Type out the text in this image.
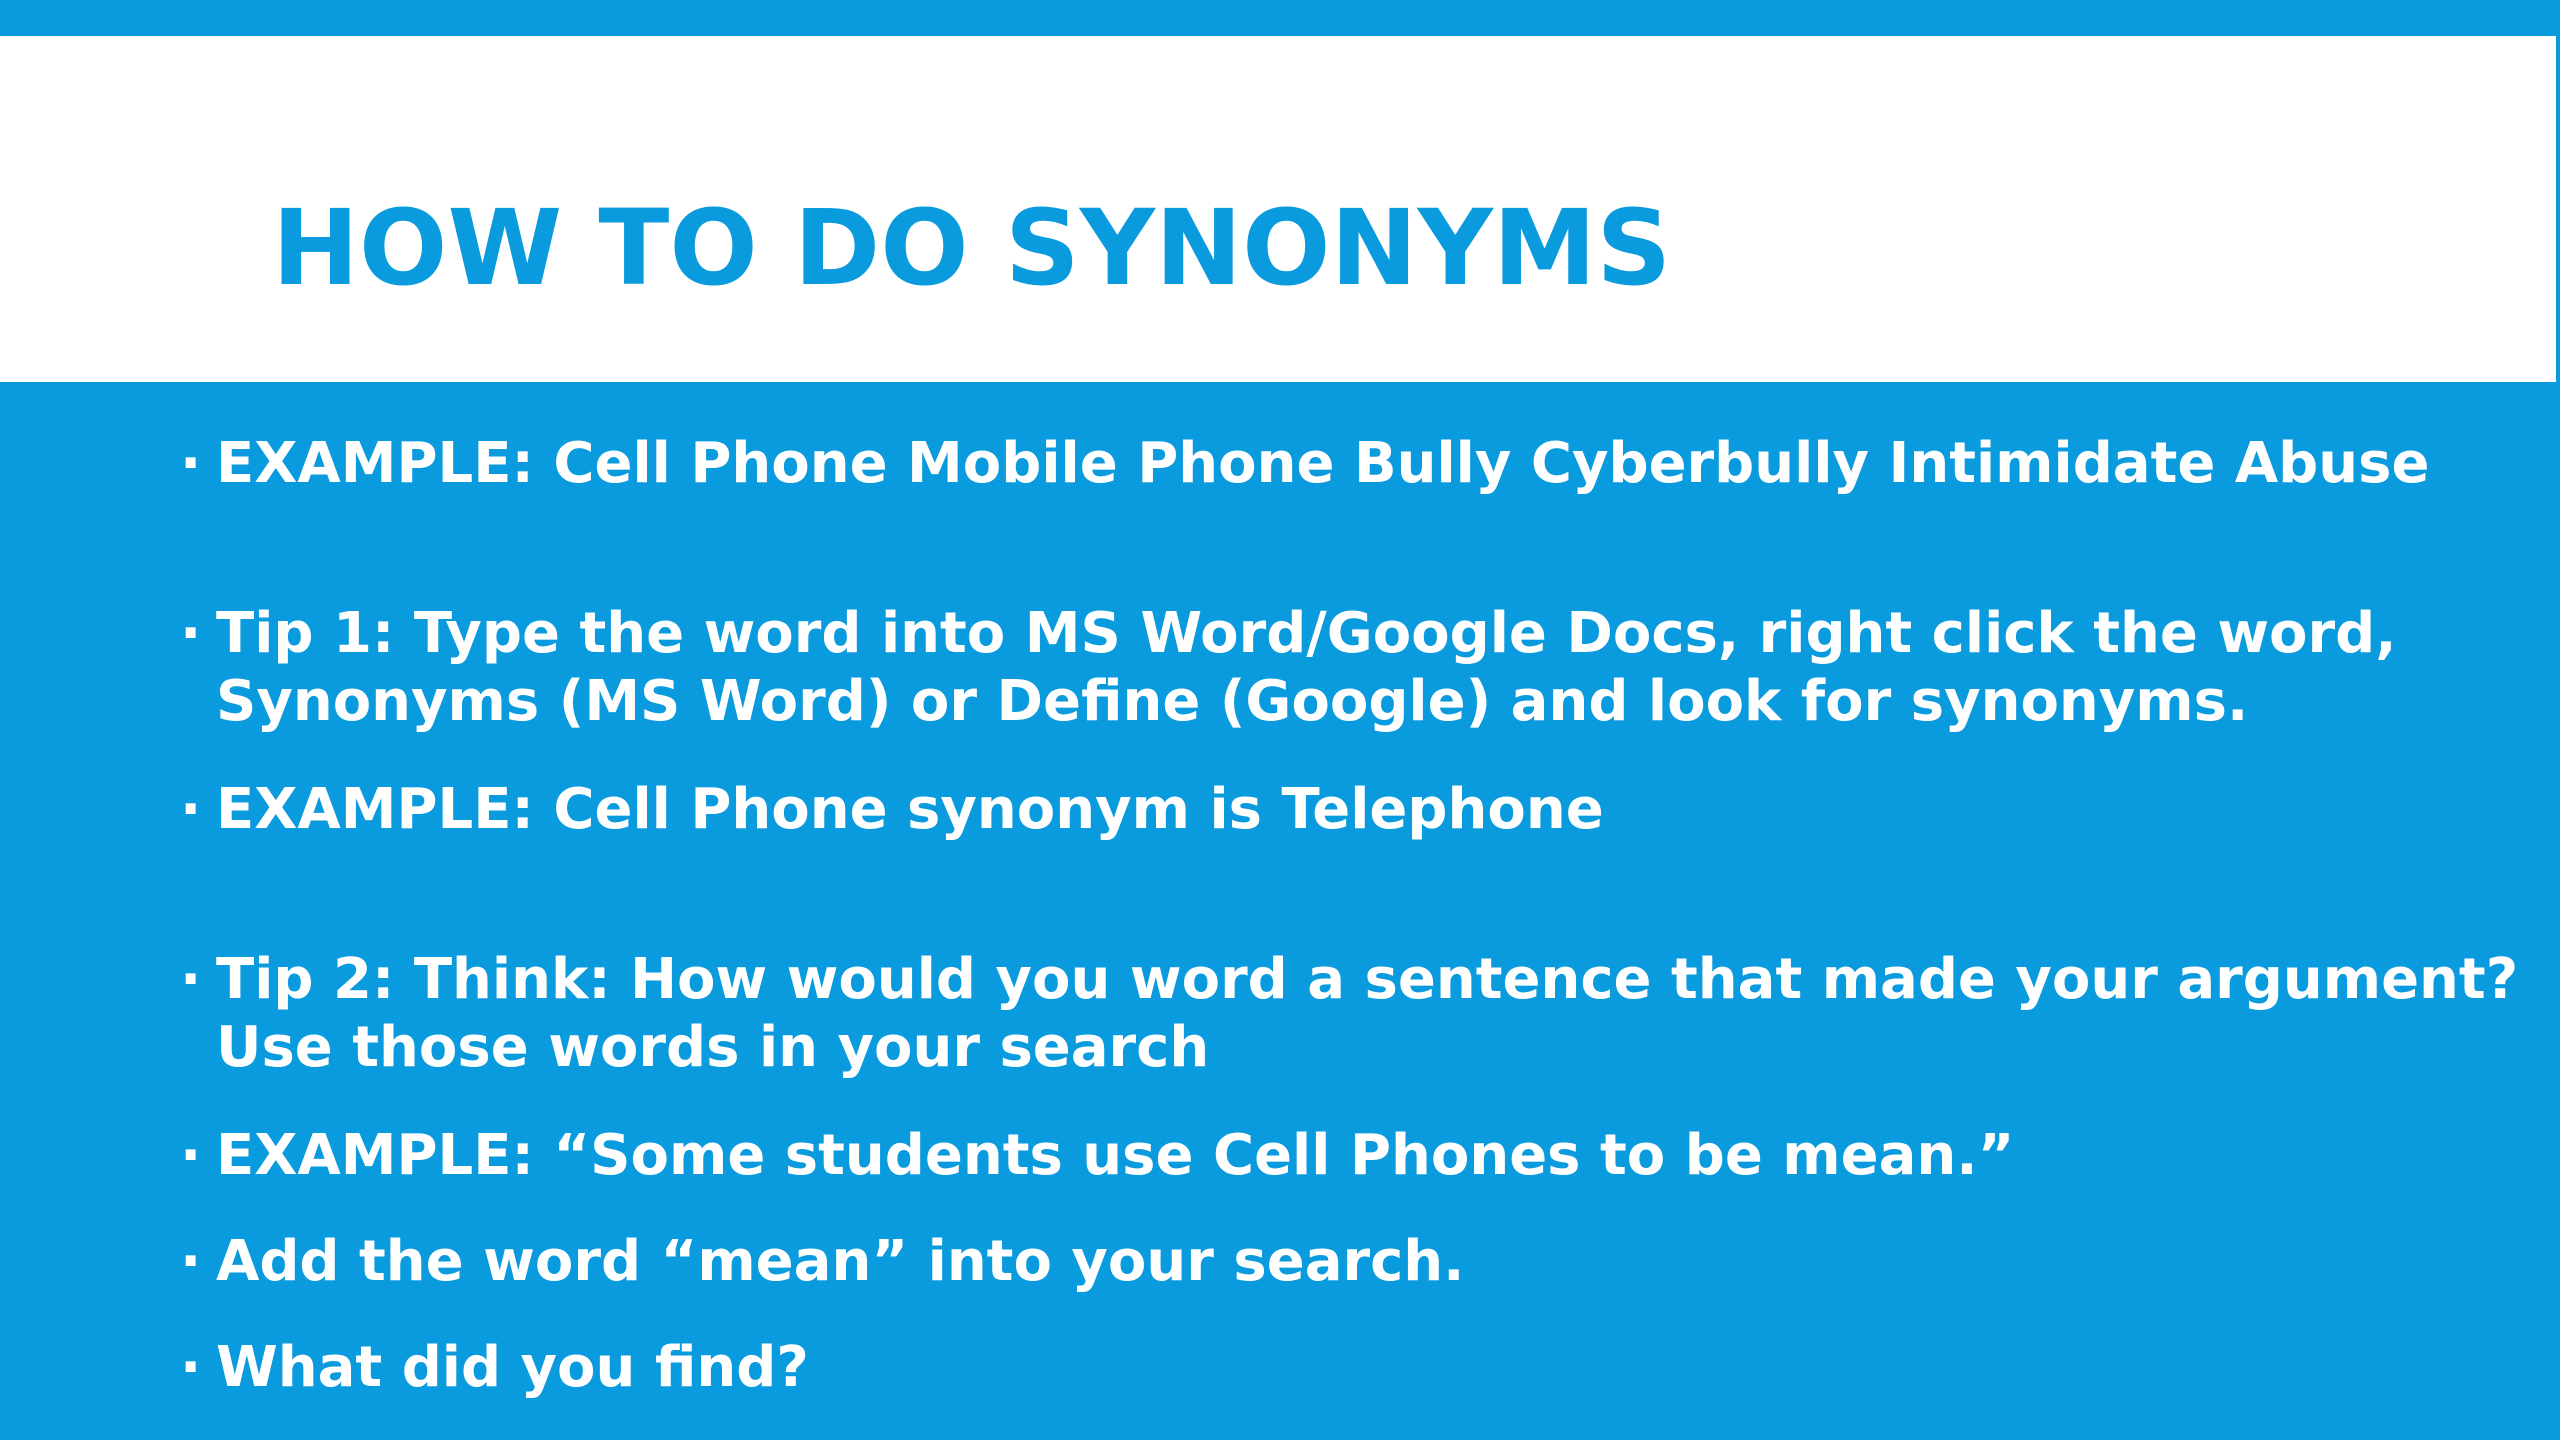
HOW TO DO SYNONYMS
· EXAMPLE: Cell Phone Mobile Phone Bully Cyberbully Intimidate Abuse
· Tip 1: Type the word into MS Word/Google Docs, right click the word, Synonyms (MS Word) or Define (Google) and look for synonyms.
· EXAMPLE: Cell Phone synonym is Telephone
· Tip 2: Think: How would you word a sentence that made your argument? Use those words in your search
· EXAMPLE: “Some students use Cell Phones to be mean.”
· Add the word “mean” into your search.
· What did you find?
